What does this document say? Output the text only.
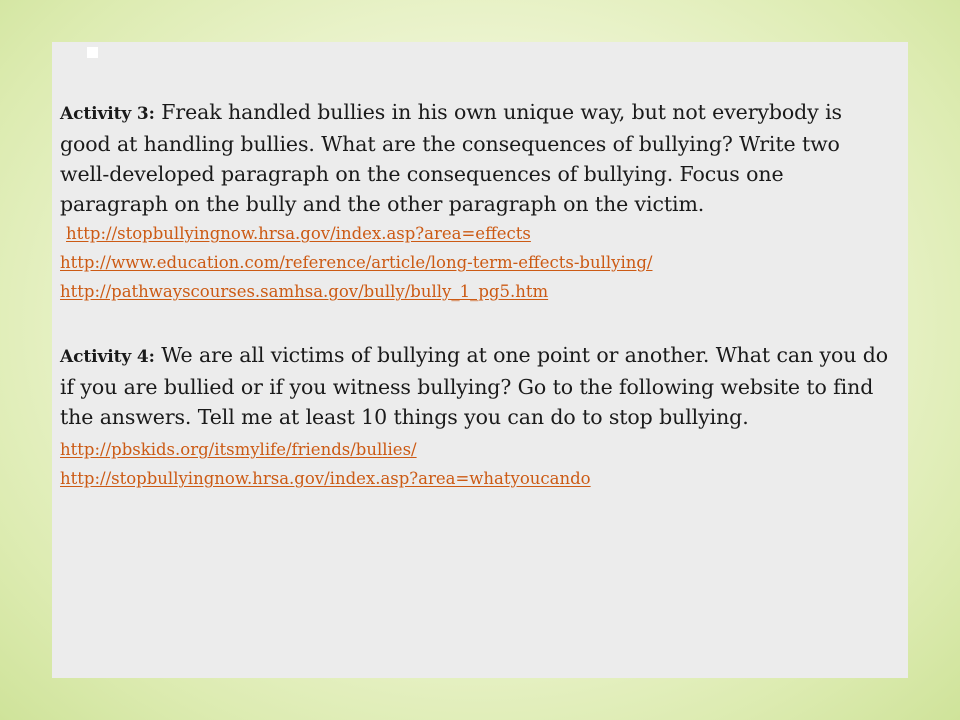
Activity 3: Freak handled bullies in his own unique way, but not everybody is good at handling bullies. What are the consequences of bullying? Write two well-developed paragraph on the consequences of bullying. Focus one paragraph on the bully and the other paragraph on the victim.

http://stopbullyingnow.hrsa.gov/index.asp?area=effects
http://www.education.com/reference/article/long-term-effects-bullying/
http://pathwayscourses.samhsa.gov/bully/bully_1_pg5.htm

Activity 4: We are all victims of bullying at one point or another. What can you do if you are bullied or if you witness bullying? Go to the following website to find the answers. Tell me at least 10 things you can do to stop bullying.

http://pbskids.org/itsmylife/friends/bullies/
http://stopbullyingnow.hrsa.gov/index.asp?area=whatyoucando
